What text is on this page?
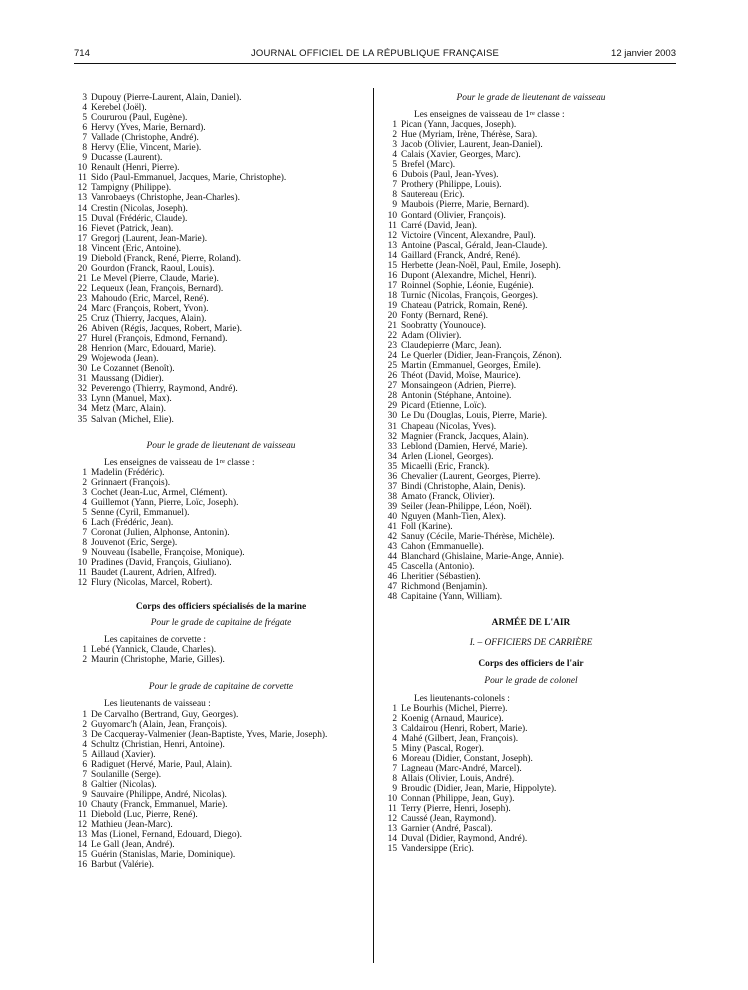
714	JOURNAL OFFICIEL DE LA RÉPUBLIQUE FRANÇAISE	12 janvier 2003
3 Dupouy (Pierre-Laurent, Alain, Daniel).
4 Kerebel (Joël).
5 Coururou (Paul, Eugène).
6 Hervy (Yves, Marie, Bernard).
7 Vallade (Christophe, André).
8 Hervy (Elie, Vincent, Marie).
9 Ducasse (Laurent).
10 Renault (Henri, Pierre).
11 Sido (Paul-Emmanuel, Jacques, Marie, Christophe).
12 Tampigny (Philippe).
13 Vanrobaeys (Christophe, Jean-Charles).
14 Crestin (Nicolas, Joseph).
15 Duval (Frédéric, Claude).
16 Fievet (Patrick, Jean).
17 Gregorj (Laurent, Jean-Marie).
18 Vincent (Eric, Antoine).
19 Diebold (Franck, René, Pierre, Roland).
20 Gourdon (Franck, Raoul, Louis).
21 Le Mevel (Pierre, Claude, Marie).
22 Lequeux (Jean, François, Bernard).
23 Mahoudo (Eric, Marcel, René).
24 Marc (François, Robert, Yvon).
25 Cruz (Thierry, Jacques, Alain).
26 Abiven (Régis, Jacques, Robert, Marie).
27 Hurel (François, Edmond, Fernand).
28 Henrion (Marc, Edouard, Marie).
29 Wojewoda (Jean).
30 Le Cozannet (Benoît).
31 Maussang (Didier).
32 Peverengo (Thierry, Raymond, André).
33 Lynn (Manuel, Max).
34 Metz (Marc, Alain).
35 Salvan (Michel, Elie).
Pour le grade de lieutenant de vaisseau
Les enseignes de vaisseau de 1re classe :
1 Madelin (Frédéric).
2 Grinnaert (François).
3 Cochet (Jean-Luc, Armel, Clément).
4 Guillemot (Yann, Pierre, Loïc, Joseph).
5 Senne (Cyril, Emmanuel).
6 Lach (Frédéric, Jean).
7 Coronat (Julien, Alphonse, Antonin).
8 Jouvenot (Eric, Serge).
9 Nouveau (Isabelle, Françoise, Monique).
10 Pradines (David, François, Giuliano).
11 Baudet (Laurent, Adrien, Alfred).
12 Flury (Nicolas, Marcel, Robert).
Corps des officiers spécialisés de la marine
Pour le grade de capitaine de frégate
Les capitaines de corvette :
1 Lebé (Yannick, Claude, Charles).
2 Maurin (Christophe, Marie, Gilles).
Pour le grade de capitaine de corvette
Les lieutenants de vaisseau :
1 De Carvalho (Bertrand, Guy, Georges).
2 Guyomarc'h (Alain, Jean, François).
3 De Cacqueray-Valmenier (Jean-Baptiste, Yves, Marie, Joseph).
4 Schultz (Christian, Henri, Antoine).
5 Aillaud (Xavier).
6 Radiguet (Hervé, Marie, Paul, Alain).
7 Soulanille (Serge).
8 Galtier (Nicolas).
9 Sauvaire (Philippe, André, Nicolas).
10 Chauty (Franck, Emmanuel, Marie).
11 Diebold (Luc, Pierre, René).
12 Mathieu (Jean-Marc).
13 Mas (Lionel, Fernand, Edouard, Diego).
14 Le Gall (Jean, André).
15 Guérin (Stanislas, Marie, Dominique).
16 Barbut (Valérie).
Pour le grade de lieutenant de vaisseau
Les enseignes de vaisseau de 1re classe :
1 Pican (Yann, Jacques, Joseph).
2 Hue (Myriam, Irène, Thérèse, Sara).
3 Jacob (Olivier, Laurent, Jean-Daniel).
4 Calais (Xavier, Georges, Marc).
5 Brefel (Marc).
6 Dubois (Paul, Jean-Yves).
7 Prothery (Philippe, Louis).
8 Sautereau (Eric).
9 Maubois (Pierre, Marie, Bernard).
10 Gontard (Olivier, François).
11 Carré (David, Jean).
12 Victoire (Vincent, Alexandre, Paul).
13 Antoine (Pascal, Gérald, Jean-Claude).
14 Gaillard (Franck, André, René).
15 Herbette (Jean-Noël, Paul, Emile, Joseph).
16 Dupont (Alexandre, Michel, Henri).
17 Roinnel (Sophie, Léonie, Eugénie).
18 Turnic (Nicolas, François, Georges).
19 Chateau (Patrick, Romain, René).
20 Fonty (Bernard, René).
21 Soobratty (Younouce).
22 Adam (Olivier).
23 Claudepierre (Marc, Jean).
24 Le Querler (Didier, Jean-François, Zénon).
25 Martin (Emmanuel, Georges, Emile).
26 Théot (David, Moïse, Maurice).
27 Monsaingeon (Adrien, Pierre).
28 Antonin (Stéphane, Antoine).
29 Picard (Etienne, Loïc).
30 Le Du (Douglas, Louis, Pierre, Marie).
31 Chapeau (Nicolas, Yves).
32 Magnier (Franck, Jacques, Alain).
33 Leblond (Damien, Hervé, Marie).
34 Arlen (Lionel, Georges).
35 Micaelli (Eric, Franck).
36 Chevalier (Laurent, Georges, Pierre).
37 Bindi (Christophe, Alain, Denis).
38 Amato (Franck, Olivier).
39 Seiler (Jean-Philippe, Léon, Noël).
40 Nguyen (Manh-Tien, Alex).
41 Foll (Karine).
42 Sanuy (Cécile, Marie-Thérèse, Michèle).
43 Cahon (Emmanuelle).
44 Blanchard (Ghislaine, Marie-Ange, Annie).
45 Cascella (Antonio).
46 Lheritier (Sébastien).
47 Richmond (Benjamin).
48 Capitaine (Yann, William).
ARMÉE DE L'AIR
I. – OFFICIERS DE CARRIÈRE
Corps des officiers de l'air
Pour le grade de colonel
Les lieutenants-colonels :
1 Le Bourhis (Michel, Pierre).
2 Koenig (Arnaud, Maurice).
3 Caldairou (Henri, Robert, Marie).
4 Mahé (Gilbert, Jean, François).
5 Miny (Pascal, Roger).
6 Moreau (Didier, Constant, Joseph).
7 Lagneau (Marc-André, Marcel).
8 Allais (Olivier, Louis, André).
9 Broudic (Didier, Jean, Marie, Hippolyte).
10 Connan (Philippe, Jean, Guy).
11 Terry (Pierre, Henri, Joseph).
12 Caussé (Jean, Raymond).
13 Garnier (André, Pascal).
14 Duval (Didier, Raymond, André).
15 Vandersippe (Eric).
